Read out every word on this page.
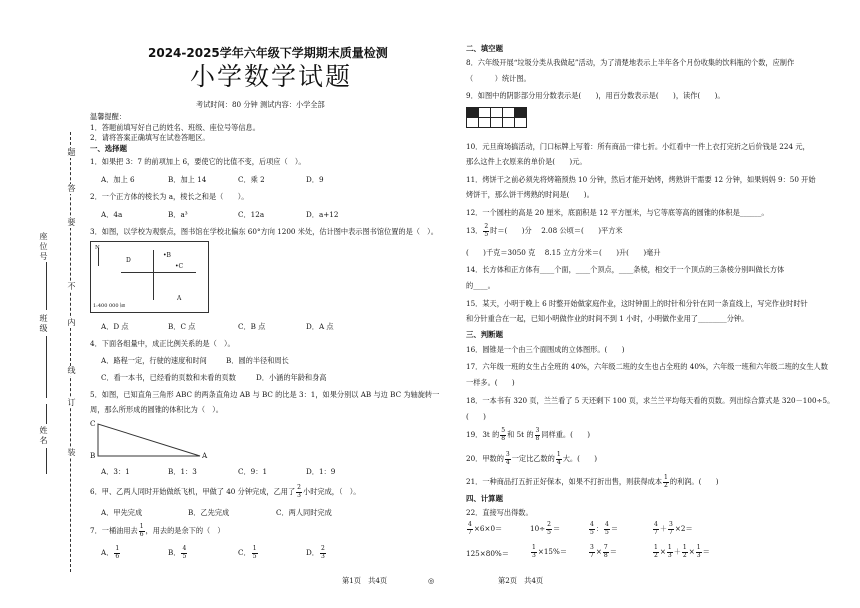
题
答
要
不
内
线
订
装
座位号
班级
姓名
2024-2025学年六年级下学期期末质量检测
小学数学试题
考试时间：80 分钟 测试内容：小学全部
温馨提醒：
1．答题前填写好自己的姓名、班级、座位号等信息。
2．请将答案正确填写在试卷答题区。
一、选择题
1．如果把 3：7 的前项加上 6，要使它的比值不变，后项应（　）。
A．加上 6	B．加上 14	C．乘 2	D．9
2．一个正方体的棱长为 a，棱长之和是（　　）。
A．4a	B．a³	C．12a	D．a+12
3．如图，以学校为观察点，图书馆在学校北偏东 60°方向 1200 米处，估计图中表示图书馆位置的是（　）。
N
D
•B
•C
A
1:400 000 ㎞
A．D 点	B．C 点	C．B 点	D．A 点
4．下面各组量中，成正比例关系的是（　）。
A．路程一定，行驶的速度和时间	B．圆的半径和周长
C．看一本书，已经看的页数和未看的页数	D．小涵的年龄和身高
5．如图，已知直角三角形 ABC 的两条直角边 AB 与 BC 的比是 3：1，如果分别以 AB 与边 BC 为轴旋转一
周，那么所形成的圆锥的体积比为（　）。
C
B	A
A．3：1	B．1：3	C．9：1	D．1：9
6．甲、乙两人同时开始做纸飞机，甲做了 40 分钟完成，乙用了 $\frac{2}{3}$ 小时完成，（　）。
A．甲先完成	B．乙先完成	C．两人同时完成
7．一桶油用去 $\frac{1}{6}$ ，用去的是余下的（　）
A． $\frac{1}{6}$	B． $\frac{4}{5}$	C． $\frac{1}{5}$	D． $\frac{2}{3}$
二、填空题
8．六年级开展“垃圾分类从我做起”活动，为了清楚地表示上半年各个月份收集的饮料瓶的个数，应制作
（　　　）统计图。
9．如图中的阴影部分用分数表示是(　　)，用百分数表示是(　　)，读作(　　)。

10．元旦商场搞活动，门口标牌上写着：所有商品一律七折。小红看中一件上衣打完折之后价钱是 224 元，
那么这件上衣原来的单价是(　　)元。
11．烤饼干之前必须先将烤箱预热 10 分钟，然后才能开始烤，烤熟饼干需要 12 分钟，如果妈妈 9：50 开始
烤饼干，那么饼干烤熟的时间是(　　)。
12．一个圆柱的高是 20 厘米，底面积是 12 平方厘米，与它等底等高的圆锥的体积是______。
13． $\frac{2}{5}$ 时＝(　　)分　 2.08 公顷＝(　　)平方米
(　　)千克＝3050 克　 8.15 立方分米＝(　　)升(　　)毫升
14．长方体和正方体有____个面，____个顶点，____条棱，相交于一个顶点的三条棱分别叫做长方体
的____。
15．某天，小明于晚上 6 时整开始做家庭作业，这时钟面上的时针和分针在同一条直线上，写完作业时时针
和分针重合在一起，已知小明做作业的时间不到 1 小时，小明做作业用了________分钟。
三、判断题
16．圆锥是一个由三个面围成的立体图形。(　　)
17．六年级一班的女生占全班的 40%，六年级二班的女生也占全班的 40%，六年级一班和六年级二班的女生人数
一样多。(　　)
18．一本书有 320 页，兰兰看了 5 天还剩下 100 页，求兰兰平均每天看的页数。列出综合算式是 320－100÷5。
(　　)
19．3t 的 $\frac{5}{8}$ 和 5t 的 $\frac{3}{8}$ 同样重。(　　)
20．甲数的 $\frac{3}{4}$ 一定比乙数的 $\frac{1}{4}$ 大。(　　)
21．一种商品打五折正好保本，如果不打折出售，则获得成本 $\frac{1}{2}$ 的利润。(　　)
四、计算题
22．直接写出得数。
$\frac{4}{7} \times 6\times 0=$	$10\div \frac{2}{5}$ ＝	$\frac{4}{5}$ ： $\frac{4}{5}$ ＝	$\frac{4}{7} + \frac{3}{7} \times 2=$
125×80%＝	$\frac{1}{3} \times 15\%=$	$\frac{3}{7} \times \frac{7}{8}$ ＝	$\frac{1}{2} \times \frac{1}{3} + \frac{1}{2} \times \frac{1}{3}$ ＝
第1页　共4页	◎	第2页　共4页
